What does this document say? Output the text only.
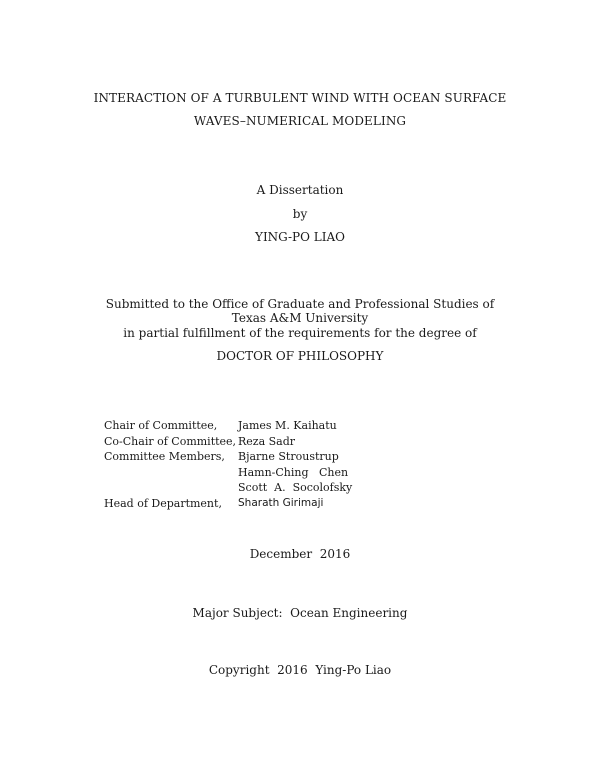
INTERACTION OF A TURBULENT WIND WITH OCEAN SURFACE
WAVES–NUMERICAL MODELING
A Dissertation
by
YING-PO LIAO
Submitted to the Office of Graduate and Professional Studies of
Texas A&M University
in partial fulfillment of the requirements for the degree of
DOCTOR OF PHILOSOPHY
Chair of Committee,	James M. Kaihatu
Co-Chair of Committee, Reza Sadr
Committee Members,	Bjarne Stroustrup
Hamn-Ching   Chen
Scott  A.  Socolofsky
Head of Department,	Sharath Girimaji
December  2016
Major Subject:  Ocean Engineering
Copyright  2016  Ying-Po Liao
